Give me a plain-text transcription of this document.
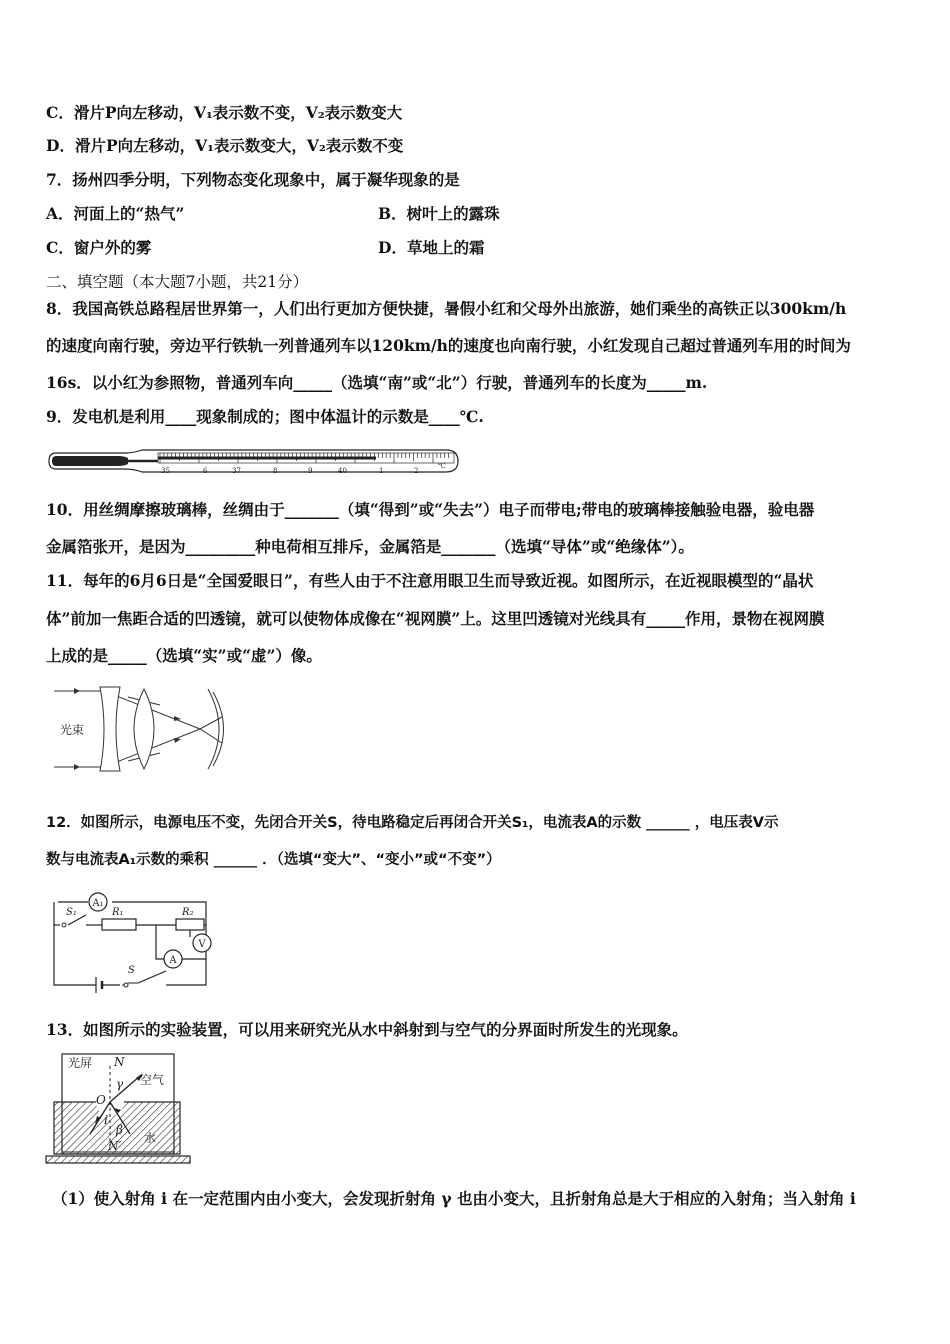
C．滑片P向左移动，V₁表示数不变，V₂表示数变大
D．滑片P向左移动，V₁表示数变大，V₂表示数不变
7．扬州四季分明，下列物态变化现象中，属于凝华现象的是
A．河面上的“热气”	B．树叶上的露珠
C．窗户外的雾	D．草地上的霜
二、填空题（本大题7小题，共21分）
8．我国高铁总路程居世界第一，人们出行更加方便快捷，暑假小红和父母外出旅游，她们乘坐的高铁正以300km/h
的速度向南行驶，旁边平行铁轨一列普通列车以120km/h的速度也向南行驶，小红发现自己超过普通列车用的时间为
16s．以小红为参照物，普通列车向_____（选填“南”或“北”）行驶，普通列车的长度为_____m.
9．发电机是利用____现象制成的；图中体温计的示数是____℃.
35	6	37	8	9	40	1	2
℃
10．用丝绸摩擦玻璃棒，丝绸由于_______（填“得到”或“失去”）电子而带电;带电的玻璃棒接触验电器，验电器
金属箔张开，是因为_________种电荷相互排斥，金属箔是_______（选填“导体”或“绝缘体”）。
11．每年的6月6日是“全国爱眼日”，有些人由于不注意用眼卫生而导致近视。如图所示，在近视眼模型的“晶状
体”前加一焦距合适的凹透镜，就可以使物体成像在“视网膜”上。这里凹透镜对光线具有_____作用，景物在视网膜
上成的是_____（选填“实”或“虚”）像。
光束
12．如图所示，电源电压不变，先闭合开关S，待电路稳定后再闭合开关S₁，电流表A的示数 ______ ，电压表V示
数与电流表A₁示数的乘积 ______ ．（选填“变大”、“变小”或“不变”）
A₁
V
A
S₁	R₁	R₂
S
13．如图所示的实验装置，可以用来研究光从水中斜射到与空气的分界面时所发生的光现象。
光屏
空气
水
N
γ
O
i
β
N′
（1）使入射角 i 在一定范围内由小变大，会发现折射角 γ 也由小变大，且折射角总是大于相应的入射角；当入射角 i
